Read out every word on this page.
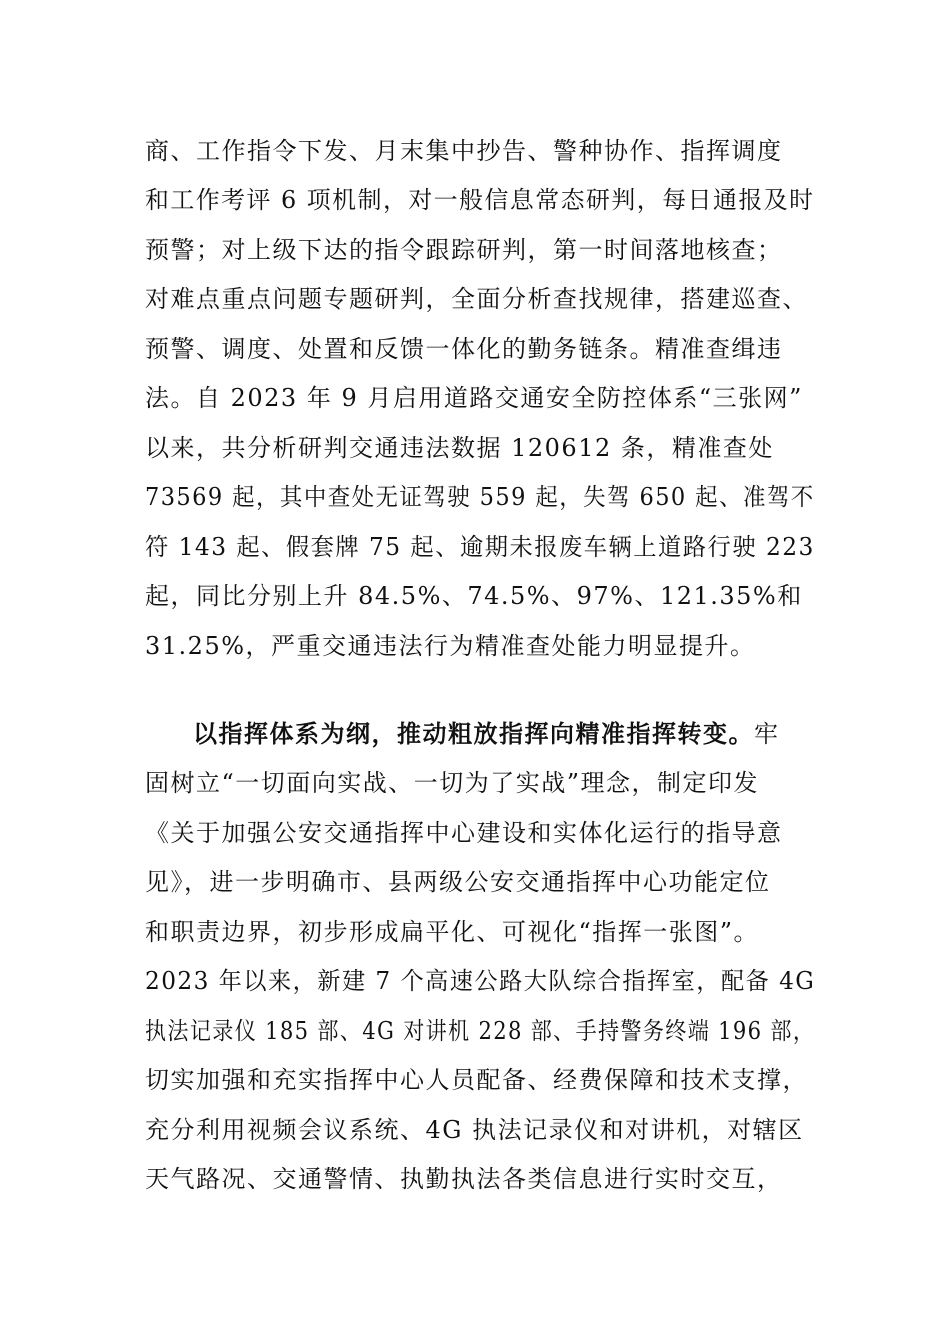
商、工作指令下发、月末集中抄告、警种协作、指挥调度
和工作考评 6 项机制，对一般信息常态研判，每日通报及时
预警；对上级下达的指令跟踪研判，第一时间落地核查；
对难点重点问题专题研判，全面分析查找规律，搭建巡查、
预警、调度、处置和反馈一体化的勤务链条。精准查缉违
法。自 2023 年 9 月启用道路交通安全防控体系“三张网”
以来，共分析研判交通违法数据 120612 条，精准查处
73569 起，其中查处无证驾驶 559 起，失驾 650 起、准驾不
符 143 起、假套牌 75 起、逾期未报废车辆上道路行驶 223
起，同比分别上升 84.5%、74.5%、97%、121.35%和
31.25%，严重交通违法行为精准查处能力明显提升。
以指挥体系为纲，推动粗放指挥向精准指挥转变。牢
固树立“一切面向实战、一切为了实战”理念，制定印发
《关于加强公安交通指挥中心建设和实体化运行的指导意
见》，进一步明确市、县两级公安交通指挥中心功能定位
和职责边界，初步形成扁平化、可视化“指挥一张图”。
2023 年以来，新建 7 个高速公路大队综合指挥室，配备 4G
执法记录仪 185 部、4G 对讲机 228 部、手持警务终端 196 部，
切实加强和充实指挥中心人员配备、经费保障和技术支撑，
充分利用视频会议系统、4G 执法记录仪和对讲机，对辖区
天气路况、交通警情、执勤执法各类信息进行实时交互，
